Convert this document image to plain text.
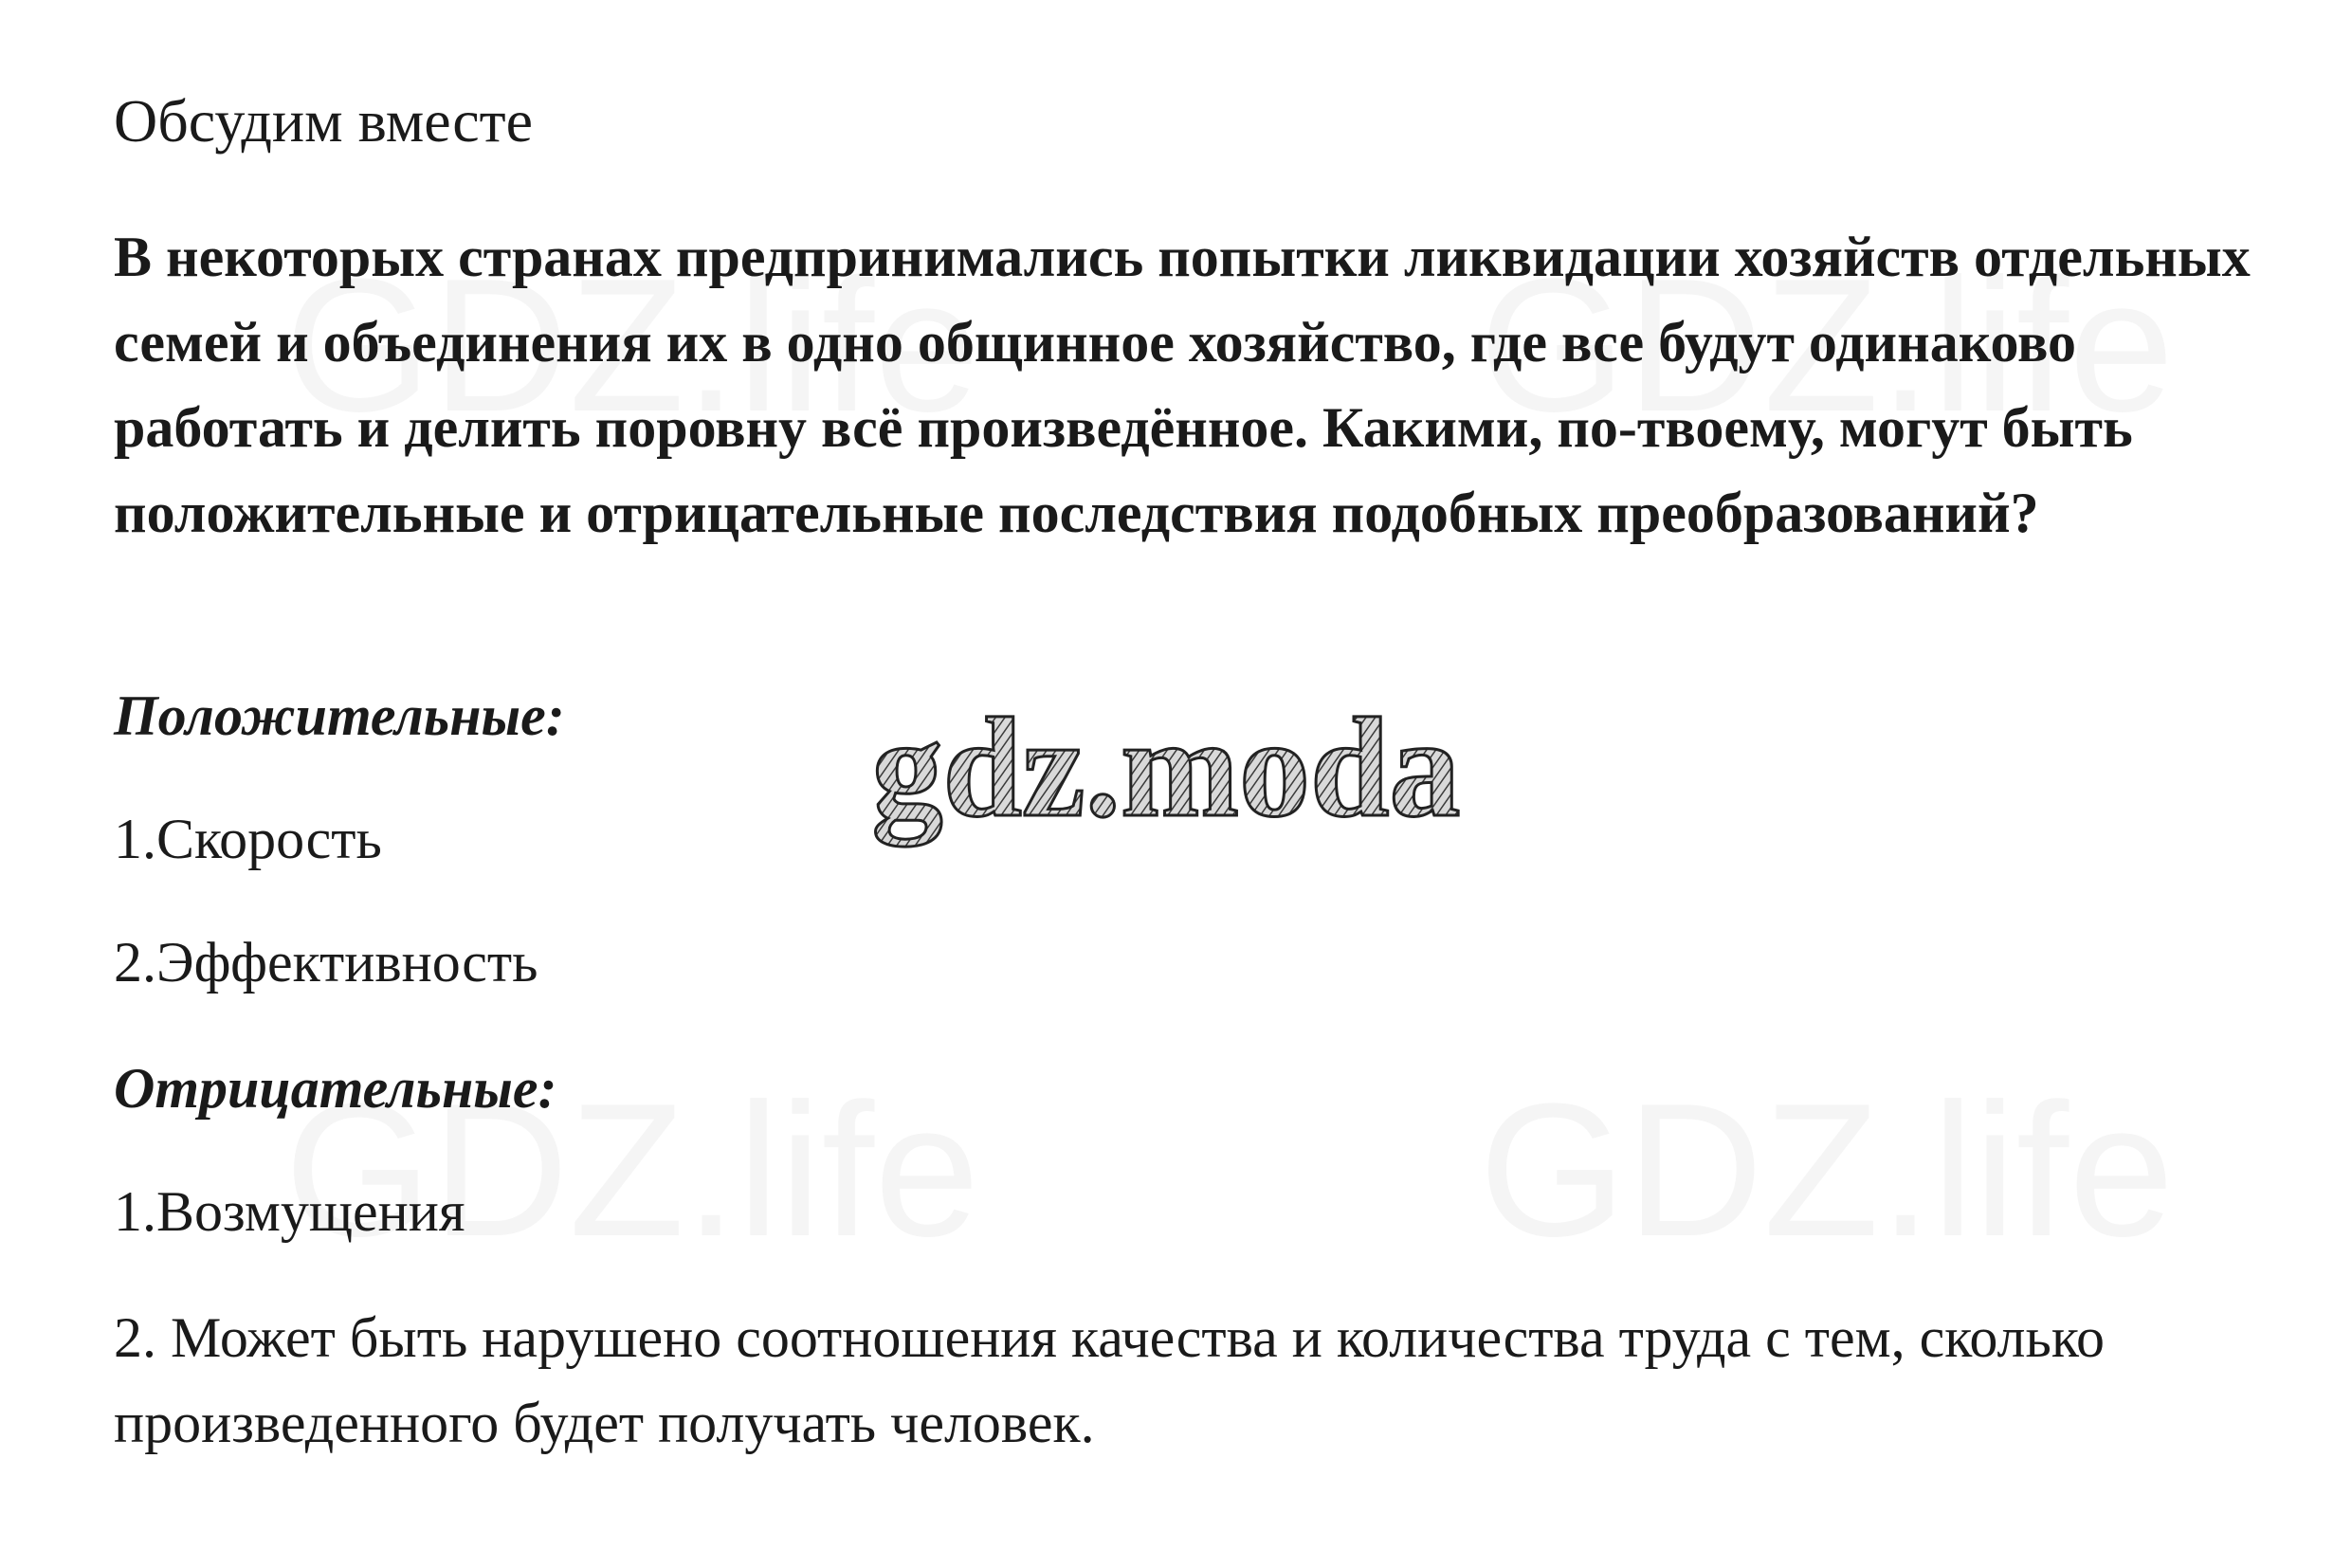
Обсудим вместе

В некоторых странах предпринимались попытки ликвидации хозяйств отдельных семей и объединения их в одно общинное хозяйство, где все будут одинаково работать и делить поровну всё произведённое. Какими, по-твоему, могут быть положительные и отрицательные последствия подобных преобразований?

Положительные:

1.Скорость

2.Эффективность

Отрицательные:

1.Возмущения

2. Может быть нарушено соотношения качества и количества труда с тем, сколько произведенного будет получать человек.

gdz.moda
